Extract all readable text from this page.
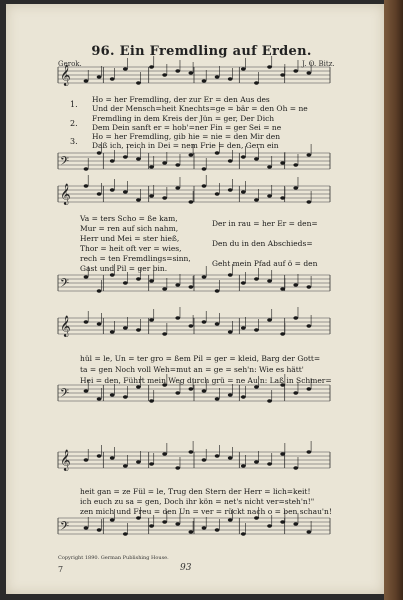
96. Ein Fremdling auf Erden.
Gerok.	J. O. Bitz.
𝄞
𝄢
𝄞
𝄢
𝄞
𝄢
𝄞
𝄢
1.
2.
3.
Ho = her Fremdling, der zur Er = den Aus des
Und der Mensch=heit Knechts=ge = bär = den Oh = ne
Fremdling in dem Kreis der Jün = ger, Der Dich
Dem Dein sanft er = hob'=ner Fin = ger Sei = ne
Ho = her Fremdling, gib hie = nie = den Mir den
Daß ich, reich in Dei = nem Frie = den, Gern ein
Va = ters Scho = ße kam,
Mur = ren auf sich nahm,
Herr und Mei = ster hieß,
Thor = heit oft ver = wies,
rech = ten Fremdlings=sinn,
Gast und Pil = ger bin.
Der in rau = her Er = den=
Den du in den Abschieds=
Geht mein Pfad auf ö = den
hül = le, Un = ter gro = ßem Pil = ger = kleid, Barg der Gott=
ta = gen Noch voll Weh=mut an = ge = seh'n: Wie es hätt'
Hei = den, Führt mein Weg durch grü = ne Au'n: Laß in Schmer=
heit gan = ze Fül = le, Trug den Stern der Herr = lich=keit!
ich euch zu sa = gen, Doch ihr kön = net's nicht ver=steh'n!"
zen mich und Freu = den Un = ver = rückt nach o = ben schau'n!
Copyright 1890. German Publishing House.
7	93
